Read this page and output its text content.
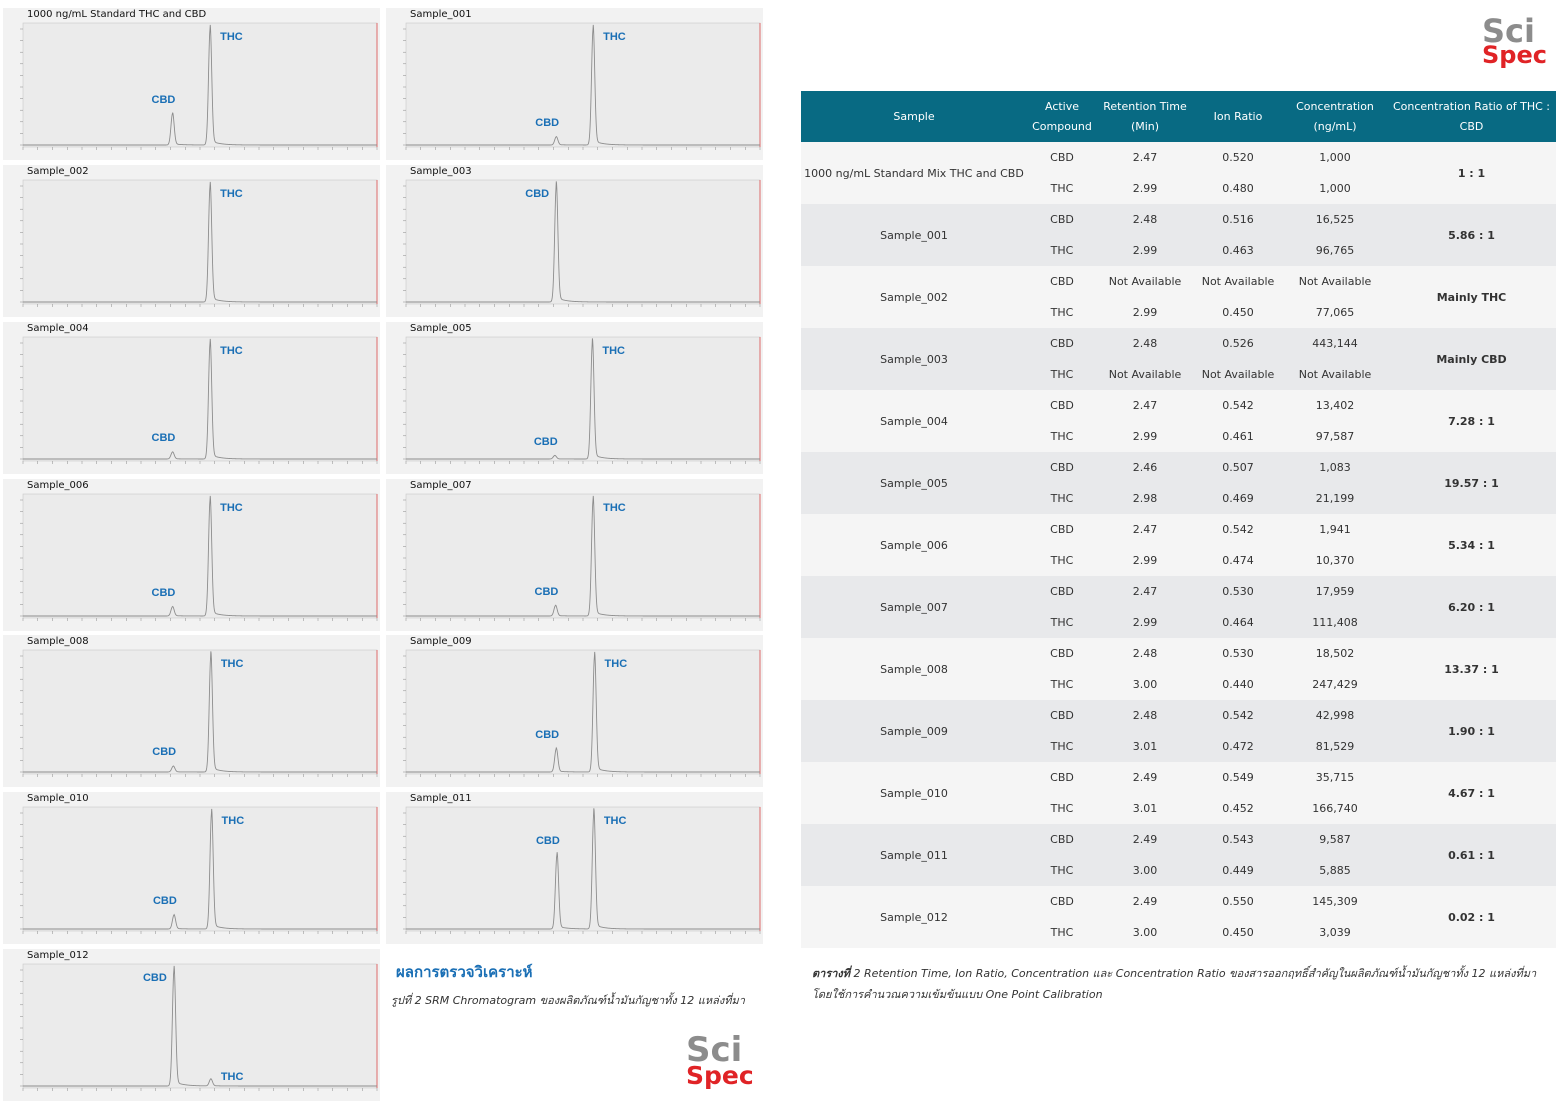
1000 ng/mL Standard THC and CBD
CBD
THC
Sample_001
CBD
THC
Sample_002
THC
Sample_003
CBD
Sample_004
CBD
THC
Sample_005
CBD
THC
Sample_006
CBD
THC
Sample_007
CBD
THC
Sample_008
CBD
THC
Sample_009
CBD
THC
Sample_010
CBD
THC
Sample_011
CBD
THC
Sample_012
CBD
THC
ผลการตรวจวิเคราะห์
รูปที่ 2 SRM Chromatogram ของผลิตภัณฑ์น้ำมันกัญชาทั้ง 12 แหล่งที่มา
Sci
Spec
Sci
Spec
Sample	Active Compound	Retention Time (Min)	Ion Ratio	Concentration (ng/mL)	Concentration Ratio of THC : CBD
1000 ng/mL Standard Mix THC and CBD	CBD	2.47	0.520	1,000	1 : 1
	THC	2.99	0.480	1,000	
Sample_001	CBD	2.48	0.516	16,525	5.86 : 1
	THC	2.99	0.463	96,765	
Sample_002	CBD	Not Available	Not Available	Not Available	Mainly THC
	THC	2.99	0.450	77,065	
Sample_003	CBD	2.48	0.526	443,144	Mainly CBD
	THC	Not Available	Not Available	Not Available	
Sample_004	CBD	2.47	0.542	13,402	7.28 : 1
	THC	2.99	0.461	97,587	
Sample_005	CBD	2.46	0.507	1,083	19.57 : 1
	THC	2.98	0.469	21,199	
Sample_006	CBD	2.47	0.542	1,941	5.34 : 1
	THC	2.99	0.474	10,370	
Sample_007	CBD	2.47	0.530	17,959	6.20 : 1
	THC	2.99	0.464	111,408	
Sample_008	CBD	2.48	0.530	18,502	13.37 : 1
	THC	3.00	0.440	247,429	
Sample_009	CBD	2.48	0.542	42,998	1.90 : 1
	THC	3.01	0.472	81,529	
Sample_010	CBD	2.49	0.549	35,715	4.67 : 1
	THC	3.01	0.452	166,740	
Sample_011	CBD	2.49	0.543	9,587	0.61 : 1
	THC	3.00	0.449	5,885	
Sample_012	CBD	2.49	0.550	145,309	0.02 : 1
	THC	3.00	0.450	3,039	
ตารางที่ 2 Retention Time, Ion Ratio, Concentration และ Concentration Ratio ของสารออกฤทธิ์สำคัญในผลิตภัณฑ์น้ำมันกัญชาทั้ง 12 แหล่งที่มาโดยใช้การคำนวณความเข้มข้นแบบ One Point Calibration
